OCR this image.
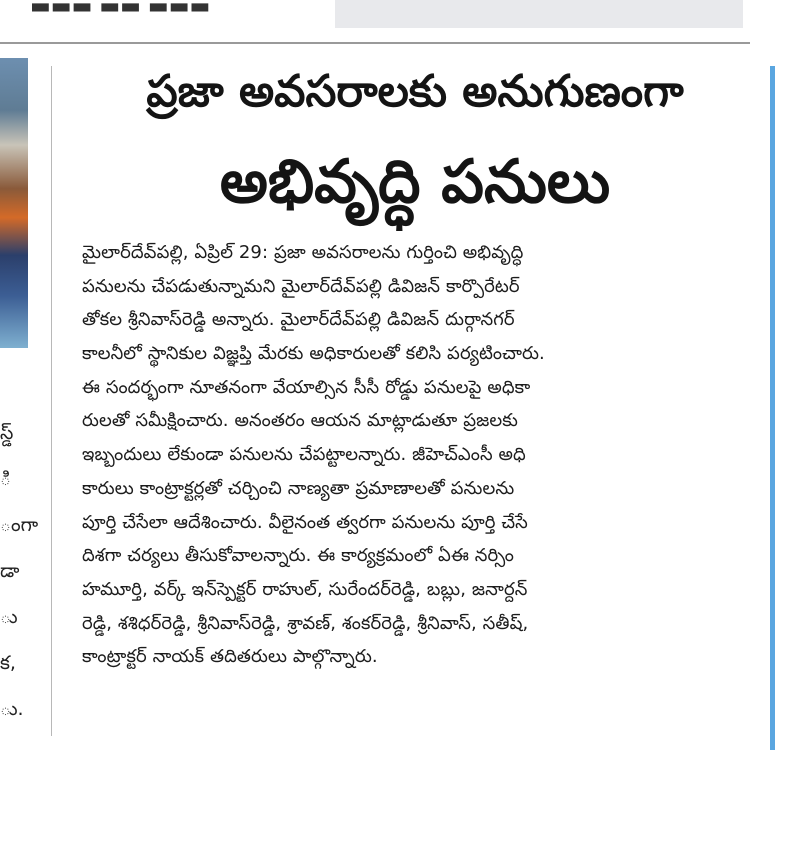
▬▬▬ ▬▬ ▬▬▬
స్డ్
ి
ంగా
డా
ు
క,
ు.
ప్రజా అవసరాలకు అనుగుణంగా
అభివృద్ధి పనులు
మైలార్‌దేవ్‌పల్లి, ఏప్రిల్ 29: ప్రజా అవసరాలను గుర్తించి అభివృద్ధి
పనులను చేపడుతున్నామని మైలార్‌దేవ్‌పల్లి డివిజన్ కార్పొరేటర్
తోకల శ్రీనివాస్‌రెడ్డి అన్నారు. మైలార్‌దేవ్‌పల్లి డివిజన్ దుర్గానగర్
కాలనీలో స్థానికుల విజ్ఞప్తి మేరకు అధికారులతో కలిసి పర్యటించారు.
ఈ సందర్భంగా నూతనంగా వేయాల్సిన సీసీ రోడ్డు పనులపై అధికా
రులతో సమీక్షించారు. అనంతరం ఆయన మాట్లాడుతూ ప్రజలకు
ఇబ్బందులు లేకుండా పనులను చేపట్టాలన్నారు. జీహెచ్‌ఎంసీ అధి
కారులు కాంట్రాక్టర్లతో చర్చించి నాణ్యతా ప్రమాణాలతో పనులను
పూర్తి చేసేలా ఆదేశించారు. వీలైనంత త్వరగా పనులను పూర్తి చేసే
దిశగా చర్యలు తీసుకోవాలన్నారు. ఈ కార్యక్రమంలో ఏఈ నర్సిం
హమూర్తి, వర్క్ ఇన్‌స్పెక్టర్ రాహుల్, సురేందర్‌రెడ్డి, బబ్లు, జనార్దన్
రెడ్డి, శశిధర్‌రెడ్డి, శ్రీనివాస్‌రెడ్డి, శ్రావణ్, శంకర్‌రెడ్డి, శ్రీనివాస్, సతీష్,
కాంట్రాక్టర్ నాయక్ తదితరులు పాల్గొన్నారు.
